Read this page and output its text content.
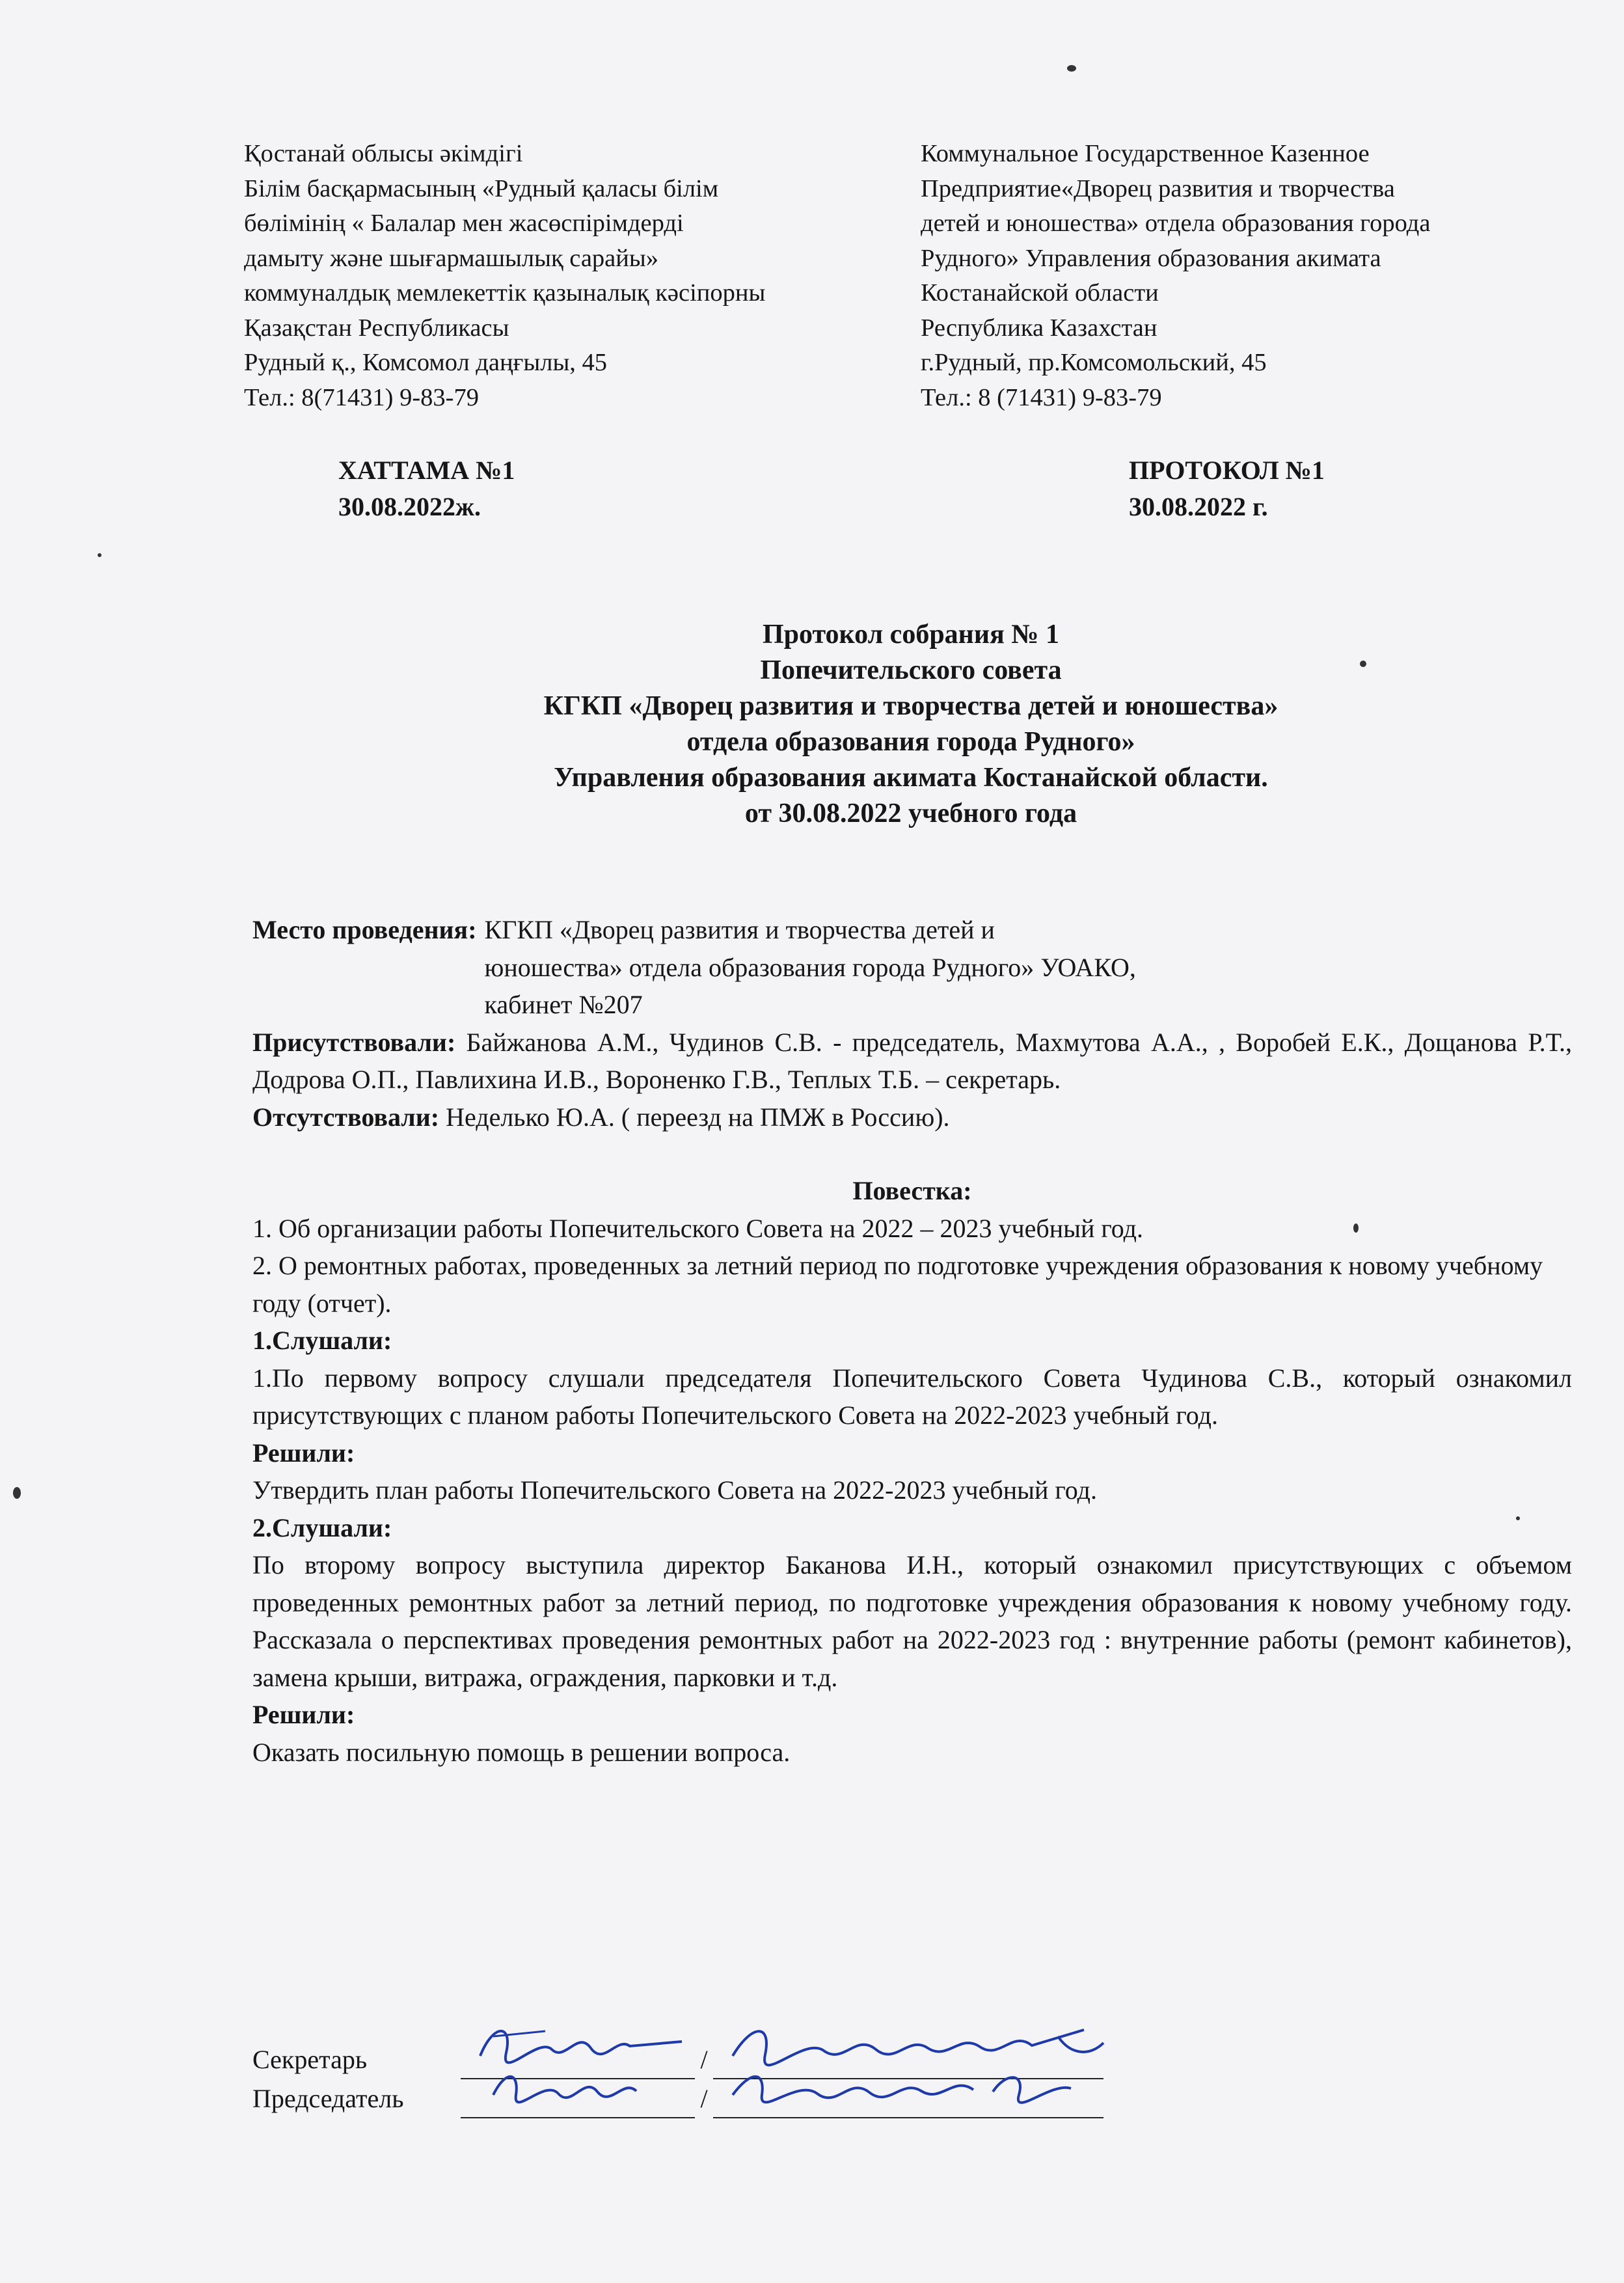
Қостанай облысы әкімдігі
Білім басқармасының «Рудный қаласы білім
бөлімінің « Балалар мен жасөспірімдерді
дамыту және шығармашылық сарайы»
коммуналдық мемлекеттік қазыналық кәсіпорны
Қазақстан Республикасы
Рудный қ., Комсомол даңғылы, 45
Тел.: 8(71431) 9-83-79
Коммунальное Государственное Казенное
Предприятие«Дворец развития и творчества
детей и юношества» отдела образования города
Рудного» Управления образования акимата
Костанайской области
Республика Казахстан
г.Рудный, пр.Комсомольский, 45
Тел.: 8 (71431) 9-83-79
ХАТТАМА №1
30.08.2022ж.
ПРОТОКОЛ №1
30.08.2022 г.
Протокол собрания № 1
Попечительского совета
КГКП «Дворец развития и творчества детей и юношества»
отдела образования города Рудного»
Управления образования акимата Костанайской области.
от 30.08.2022 учебного года
Место проведения: КГКП «Дворец развития и творчества детей и
юношества» отдела образования города Рудного» УОАКО,
кабинет №207

Присутствовали: Байжанова А.М., Чудинов С.В. - председатель, Махмутова А.А., , Воробей Е.К., Дощанова Р.Т., Додрова О.П., Павлихина И.В., Вороненко Г.В., Теплых Т.Б. – секретарь.

Отсутствовали: Неделько Ю.А. ( переезд на ПМЖ в Россию).

Повестка:

1. Об организации работы Попечительского Совета на 2022 – 2023 учебный год.

2. О ремонтных работах, проведенных за летний период по подготовке учреждения образования к новому учебному году (отчет).

1.Слушали:

1.По первому вопросу слушали председателя Попечительского Совета Чудинова С.В., который ознакомил присутствующих с планом работы Попечительского Совета на 2022-2023 учебный год.

Решили:

Утвердить план работы Попечительского Совета на 2022-2023 учебный год.

2.Слушали:

По второму вопросу выступила директор Баканова И.Н., который ознакомил присутствующих с объемом проведенных ремонтных работ за летний период, по подготовке учреждения образования к новому учебному году. Рассказала о перспективах проведения ремонтных работ на 2022-2023 год : внутренние работы (ремонт кабинетов), замена крыши, витража, ограждения, парковки и т.д.

Решили:

Оказать посильную помощь в решении вопроса.

Секретарь	/
Председатель	/
